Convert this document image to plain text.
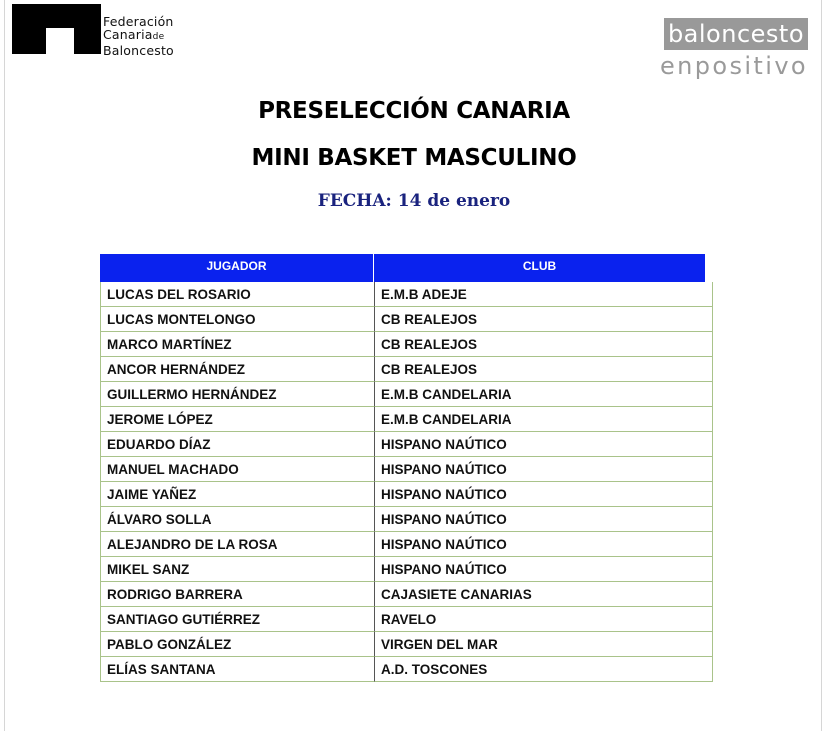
Federación
Canariade
Baloncesto
baloncesto
enpositivo
PRESELECCIÓN CANARIA
MINI BASKET MASCULINO
FECHA: 14 de enero
JUGADOR	CLUB
LUCAS DEL ROSARIO	E.M.B ADEJE
LUCAS MONTELONGO	CB REALEJOS
MARCO MARTÍNEZ	CB REALEJOS
ANCOR HERNÁNDEZ	CB REALEJOS
GUILLERMO HERNÁNDEZ	E.M.B CANDELARIA
JEROME LÓPEZ	E.M.B CANDELARIA
EDUARDO DÍAZ	HISPANO NAÚTICO
MANUEL MACHADO	HISPANO NAÚTICO
JAIME YAÑEZ	HISPANO NAÚTICO
ÁLVARO SOLLA	HISPANO NAÚTICO
ALEJANDRO DE LA ROSA	HISPANO NAÚTICO
MIKEL SANZ	HISPANO NAÚTICO
RODRIGO BARRERA	CAJASIETE CANARIAS
SANTIAGO GUTIÉRREZ	RAVELO
PABLO GONZÁLEZ	VIRGEN DEL MAR
ELÍAS SANTANA	A.D. TOSCONES
